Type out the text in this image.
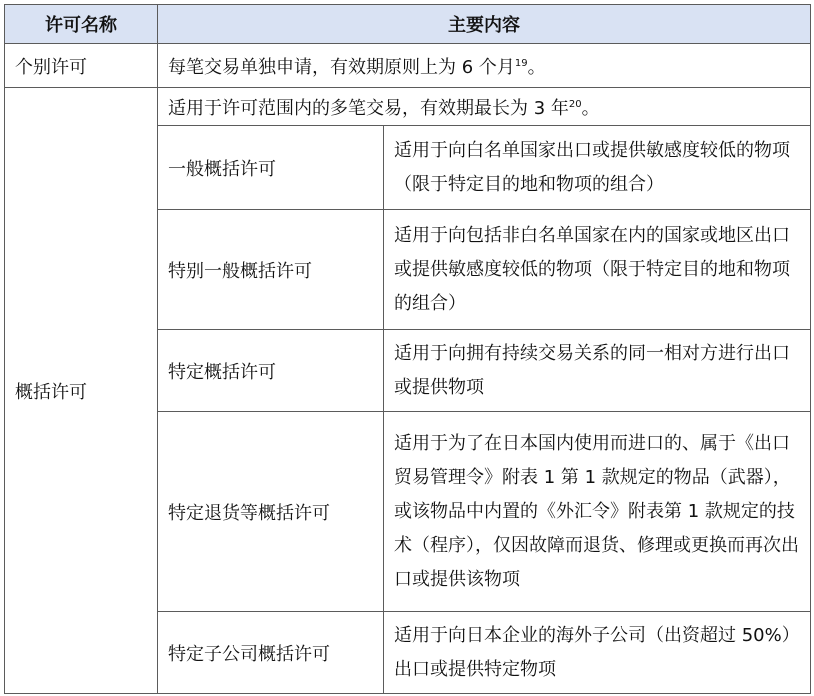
许可名称	主要内容	
个别许可	每笔交易单独申请，有效期原则上为 6 个月$^{19}$。	
概括许可	适用于许可范围内的多笔交易，有效期最长为 3 年$^{20}$。	
	一般概括许可	适用于向白名单国家出口或提供敏感度较低的物项（限于特定目的地和物项的组合）
	特别一般概括许可	适用于向包括非白名单国家在内的国家或地区出口或提供敏感度较低的物项（限于特定目的地和物项的组合）
	特定概括许可	适用于向拥有持续交易关系的同一相对方进行出口或提供物项
	特定退货等概括许可	适用于为了在日本国内使用而进口的、属于《出口贸易管理令》附表 1 第 1 款规定的物品（武器），或该物品中内置的《外汇令》附表第 1 款规定的技术（程序），仅因故障而退货、修理或更换而再次出口或提供该物项
	特定子公司概括许可	适用于向日本企业的海外子公司（出资超过 50%）出口或提供特定物项
